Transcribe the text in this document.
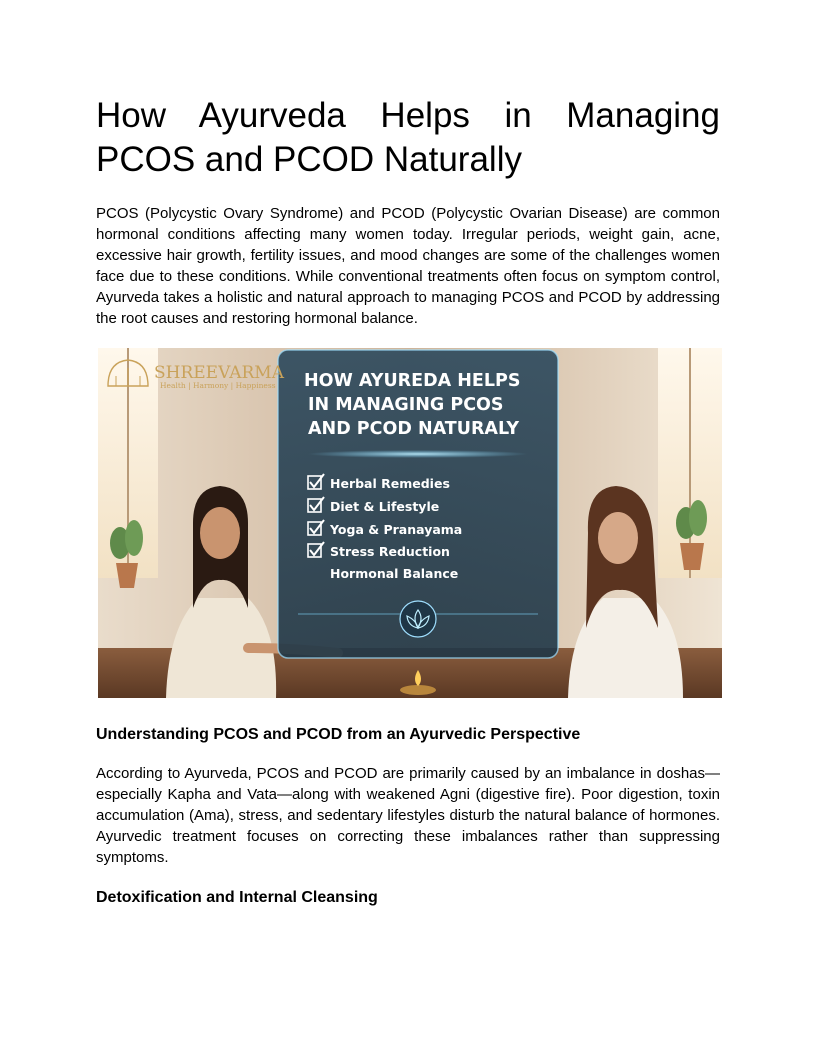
How Ayurveda Helps in Managing
PCOS and PCOD Naturally

PCOS (Polycystic Ovary Syndrome) and PCOD (Polycystic Ovarian Disease) are common hormonal conditions affecting many women today. Irregular periods, weight gain, acne, excessive hair growth, fertility issues, and mood changes are some of the challenges women face due to these conditions. While conventional treatments often focus on symptom control, Ayurveda takes a holistic and natural approach to managing PCOS and PCOD by addressing the root causes and restoring hormonal balance.

HOW AYUREDA HELPS
IN MANAGING PCOS
AND PCOD NATURALY
Herbal Remedies
Diet & Lifestyle
Yoga & Pranayama
Stress Reduction
Hormonal Balance
SHREEVARMA
Health | Harmony | Happiness
Understanding PCOS and PCOD from an Ayurvedic Perspective

According to Ayurveda, PCOS and PCOD are primarily caused by an imbalance in doshas—especially Kapha and Vata—along with weakened Agni (digestive fire). Poor digestion, toxin accumulation (Ama), stress, and sedentary lifestyles disturb the natural balance of hormones. Ayurvedic treatment focuses on correcting these imbalances rather than suppressing symptoms.

Detoxification and Internal Cleansing
